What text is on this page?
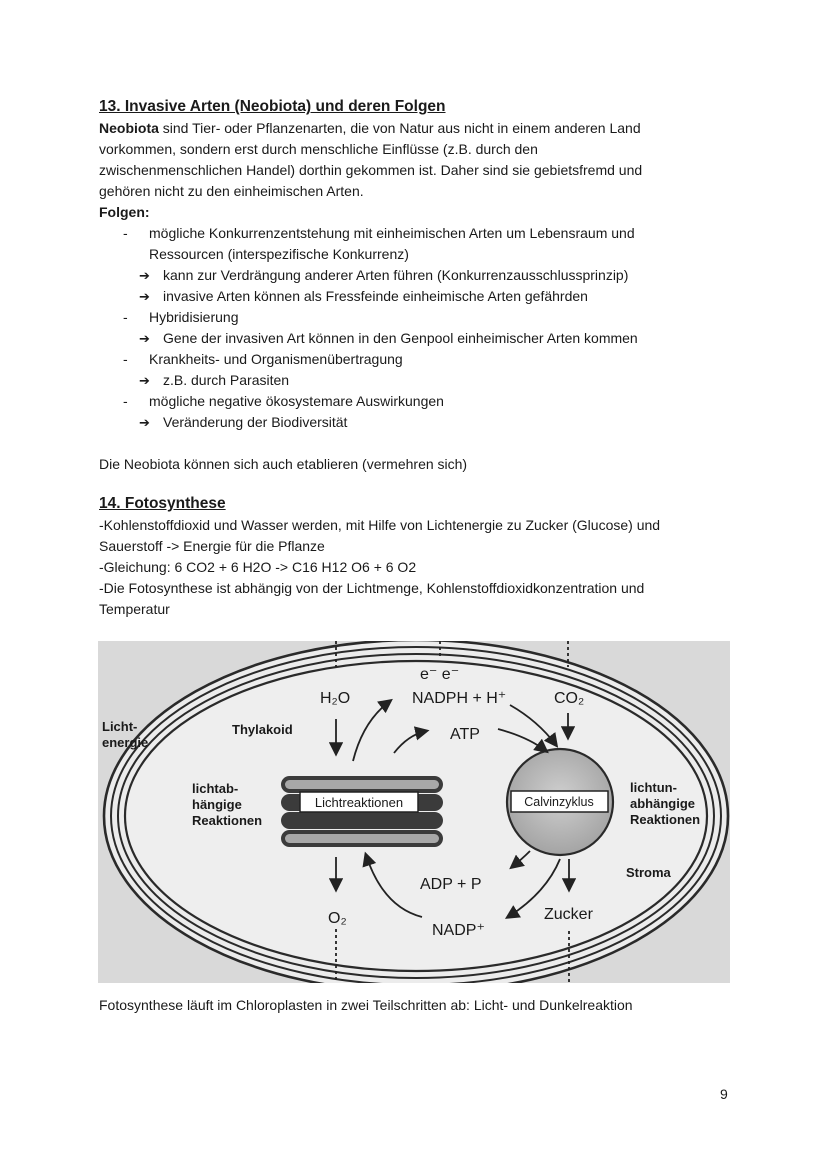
13. Invasive Arten (Neobiota) und deren Folgen

Neobiota sind Tier- oder Pflanzenarten, die von Natur aus nicht in einem anderen Land
vorkommen, sondern erst durch menschliche Einflüsse (z.B. durch den
zwischenmenschlichen Handel) dorthin gekommen ist. Daher sind sie gebietsfremd und
gehören nicht zu den einheimischen Arten.

Folgen:

- mögliche Konkurrenzentstehung mit einheimischen Arten um Lebensraum und
Ressourcen (interspezifische Konkurrenz)
➔ kann zur Verdrängung anderer Arten führen (Konkurrenzausschlussprinzip)
➔ invasive Arten können als Fressfeinde einheimische Arten gefährden
- Hybridisierung
➔ Gene der invasiven Art können in den Genpool einheimischer Arten kommen
- Krankheits- und Organismenübertragung
➔ z.B. durch Parasiten
- mögliche negative ökosystemare Auswirkungen
➔ Veränderung der Biodiversität

Die Neobiota können sich auch etablieren (vermehren sich)

14. Fotosynthese

-Kohlenstoffdioxid und Wasser werden, mit Hilfe von Lichtenergie zu Zucker (Glucose) und
Sauerstoff -> Energie für die Pflanze
-Gleichung: 6 CO2 + 6 H2O -> C16 H12 O6 + 6 O2
-Die Fotosynthese ist abhängig von der Lichtmenge, Kohlenstoffdioxidkonzentration und
Temperatur

Lichtreaktionen	Calvinzyklus
Licht- energie
Thylakoid
lichtab- hängige Reaktionen
lichtun- abhängige Reaktionen
Stroma
H₂O
e⁻ e⁻
NADPH + H⁺	CO₂
ATP
ADP + P
O₂
NADP⁺
Zucker

Fotosynthese läuft im Chloroplasten in zwei Teilschritten ab: Licht- und Dunkelreaktion

9
